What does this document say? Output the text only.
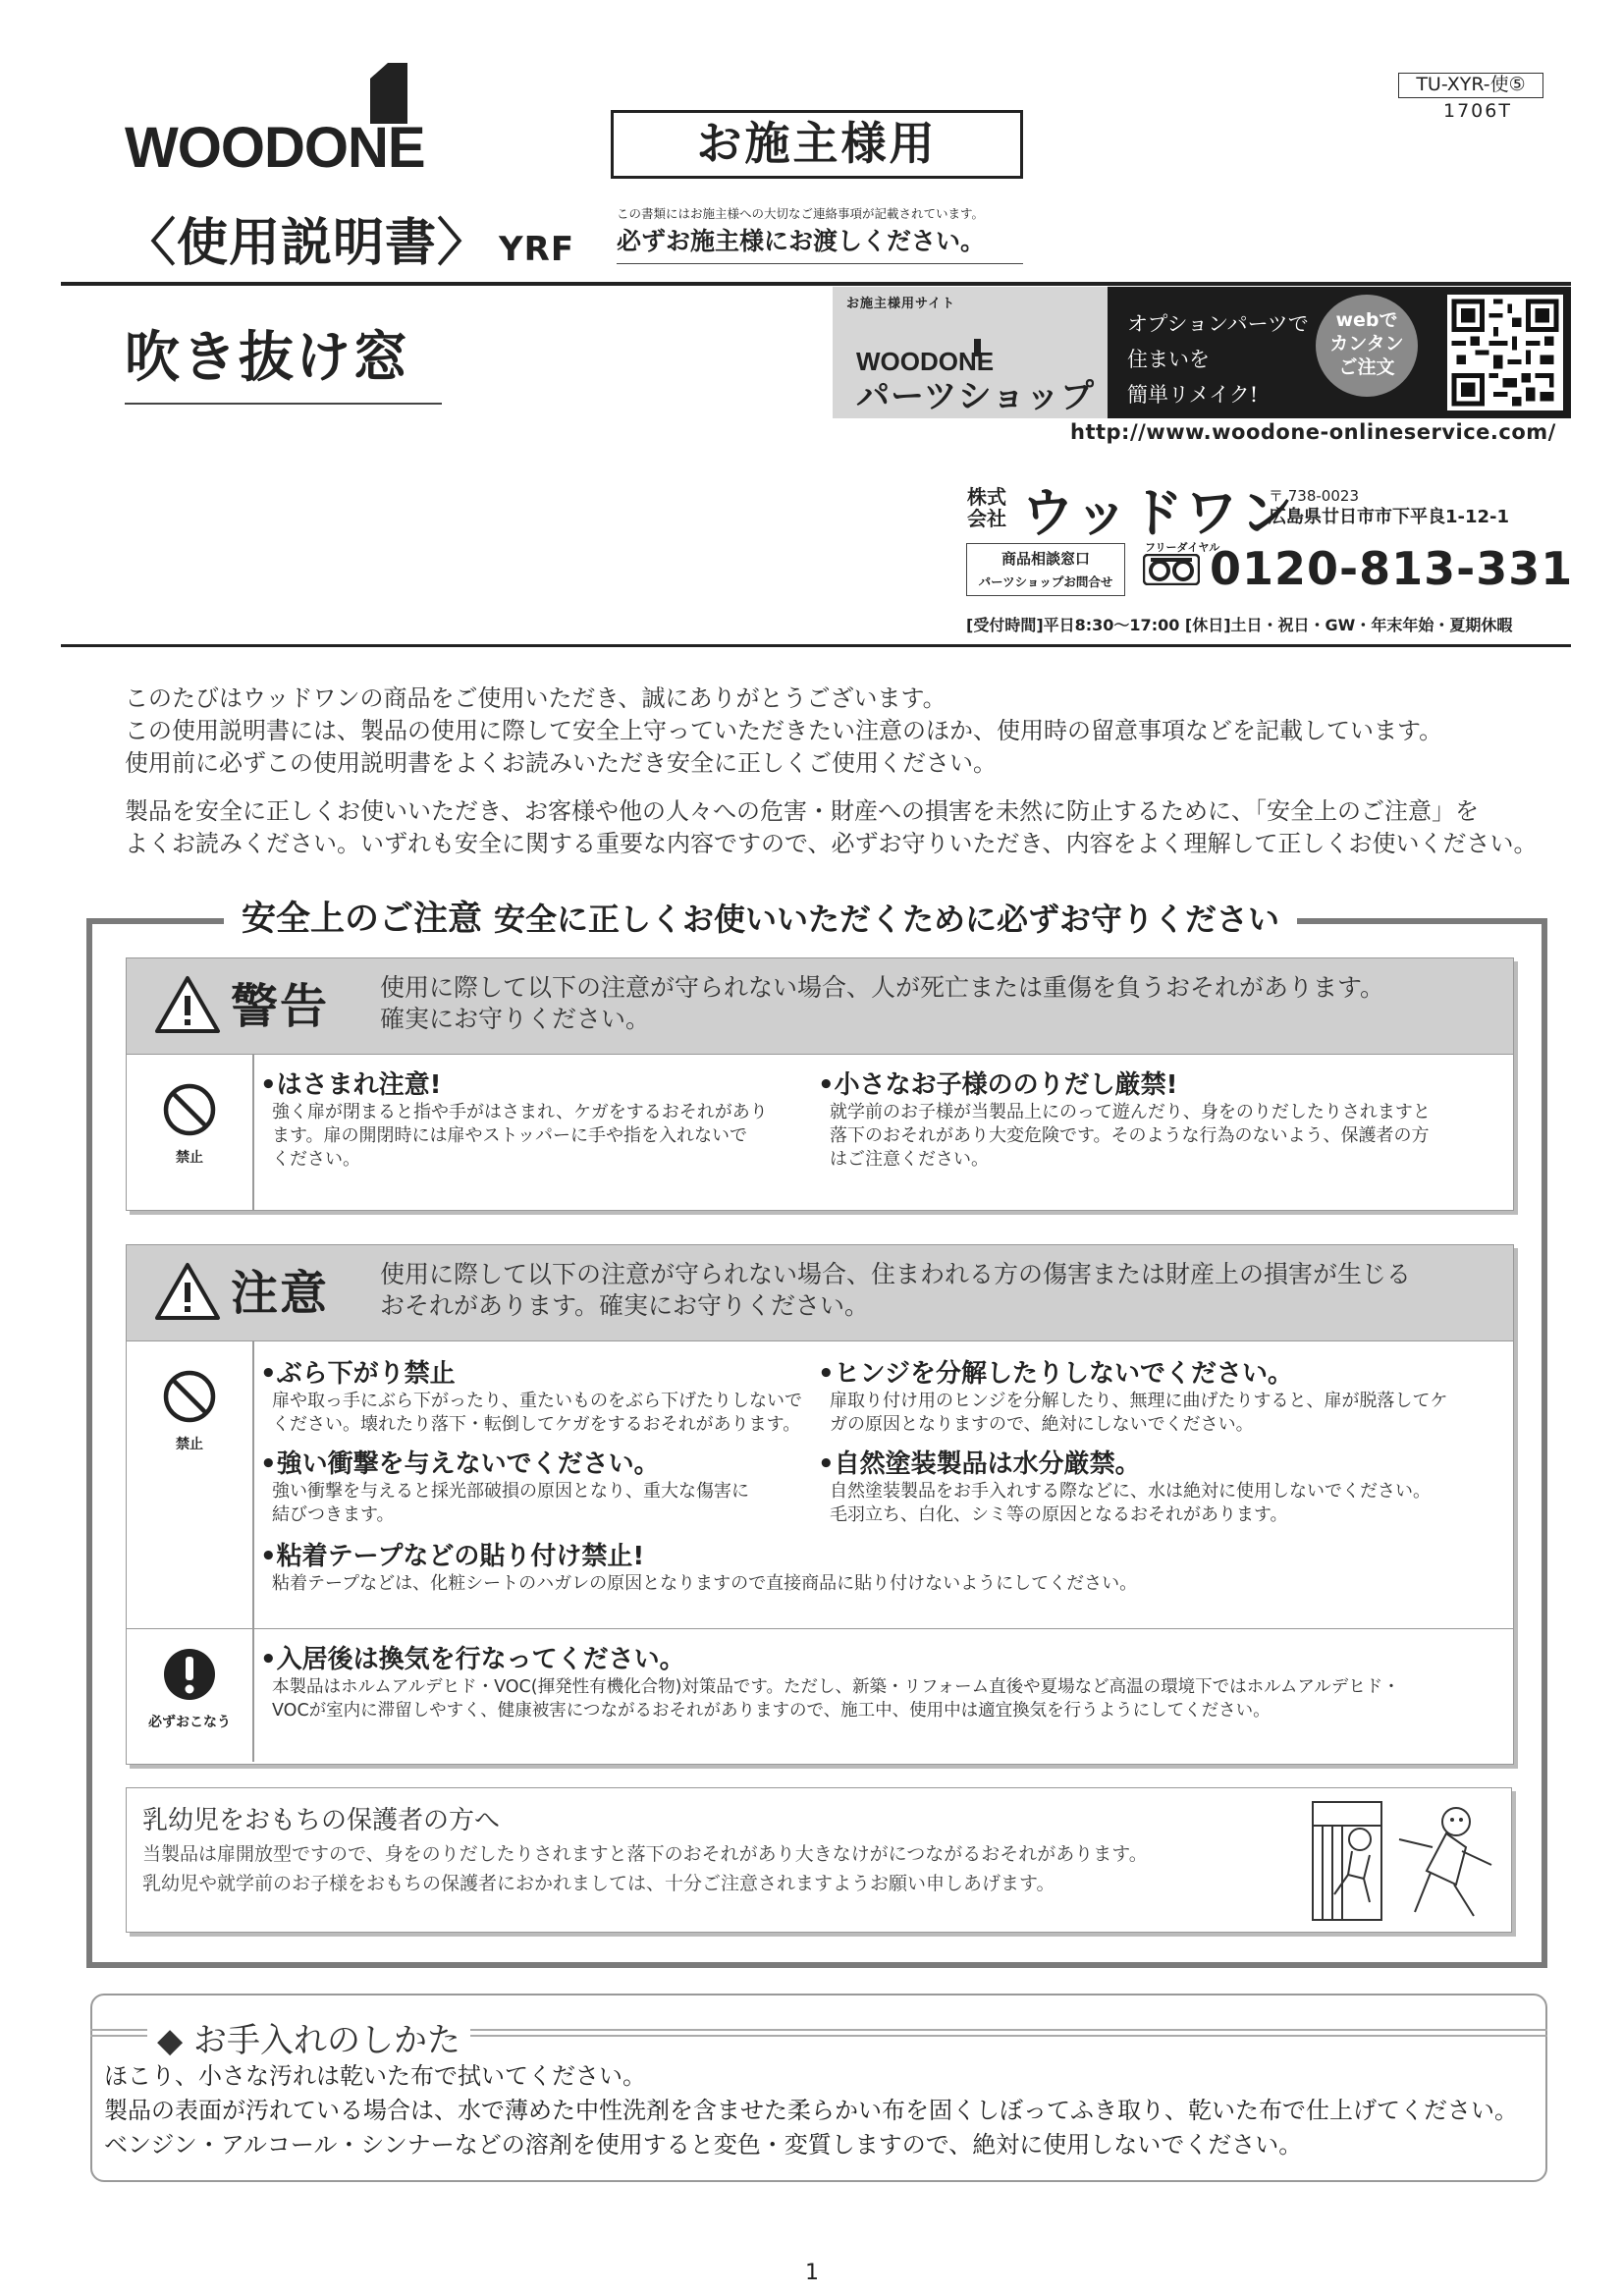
WOODONE
TU-XYR-使⑤
1706T
お施主様用
〈使用説明書〉 YRF
この書類にはお施主様への大切なご連絡事項が記載されています。
必ずお施主様にお渡しください。
吹き抜け窓
お施主様用サイト
WOODONE
パーツショップ
オプションパーツで
住まいを
簡単リメイク!
webで
カンタン
ご注文
http://www.woodone-onlineservice.com/
株式
会社 ウッドワン
〒 738-0023
広島県廿日市市下平良1-12-1
商品相談窓口
パーツショップお問合せ
フリーダイヤル
0120-813-331
[受付時間]平日8:30〜17:00 [休日]土日・祝日・GW・年末年始・夏期休暇
このたびはウッドワンの商品をご使用いただき、誠にありがとうございます。
この使用説明書には、製品の使用に際して安全上守っていただきたい注意のほか、使用時の留意事項などを記載しています。
使用前に必ずこの使用説明書をよくお読みいただき安全に正しくご使用ください。
製品を安全に正しくお使いいただき、お客様や他の人々への危害・財産への損害を未然に防止するために、「安全上のご注意」を
よくお読みください。いずれも安全に関する重要な内容ですので、必ずお守りいただき、内容をよく理解して正しくお使いください。
安全上のご注意 安全に正しくお使いいただくために必ずお守りください
警告 使用に際して以下の注意が守られない場合、人が死亡または重傷を負うおそれがあります。
確実にお守りください。
禁止
•はさまれ注意!
強く扉が閉まると指や手がはさまれ、ケガをするおそれがあり
ます。扉の開閉時には扉やストッパーに手や指を入れないで
ください。
•小さなお子様ののりだし厳禁!
就学前のお子様が当製品上にのって遊んだり、身をのりだしたりされますと
落下のおそれがあり大変危険です。そのような行為のないよう、保護者の方
はご注意ください。
注意 使用に際して以下の注意が守られない場合、住まわれる方の傷害または財産上の損害が生じる
おそれがあります。確実にお守りください。
禁止
•ぶら下がり禁止
扉や取っ手にぶら下がったり、重たいものをぶら下げたりしないで
ください。壊れたり落下・転倒してケガをするおそれがあります。
•ヒンジを分解したりしないでください。
扉取り付け用のヒンジを分解したり、無理に曲げたりすると、扉が脱落してケ
ガの原因となりますので、絶対にしないでください。
•強い衝撃を与えないでください。
強い衝撃を与えると採光部破損の原因となり、重大な傷害に
結びつきます。
•自然塗装製品は水分厳禁。
自然塗装製品をお手入れする際などに、水は絶対に使用しないでください。
毛羽立ち、白化、シミ等の原因となるおそれがあります。
•粘着テープなどの貼り付け禁止!
粘着テープなどは、化粧シートのハガレの原因となりますので直接商品に貼り付けないようにしてください。
必ずおこなう
•入居後は換気を行なってください。
本製品はホルムアルデヒド・VOC(揮発性有機化合物)対策品です。ただし、新築・リフォーム直後や夏場など高温の環境下ではホルムアルデヒド・
VOCが室内に滞留しやすく、健康被害につながるおそれがありますので、施工中、使用中は適宜換気を行うようにしてください。
乳幼児をおもちの保護者の方へ
当製品は扉開放型ですので、身をのりだしたりされますと落下のおそれがあり大きなけがにつながるおそれがあります。
乳幼児や就学前のお子様をおもちの保護者におかれましては、十分ご注意されますようお願い申しあげます。
◆ お手入れのしかた
ほこり、小さな汚れは乾いた布で拭いてください。
製品の表面が汚れている場合は、水で薄めた中性洗剤を含ませた柔らかい布を固くしぼってふき取り、乾いた布で仕上げてください。
ベンジン・アルコール・シンナーなどの溶剤を使用すると変色・変質しますので、絶対に使用しないでください。
1
